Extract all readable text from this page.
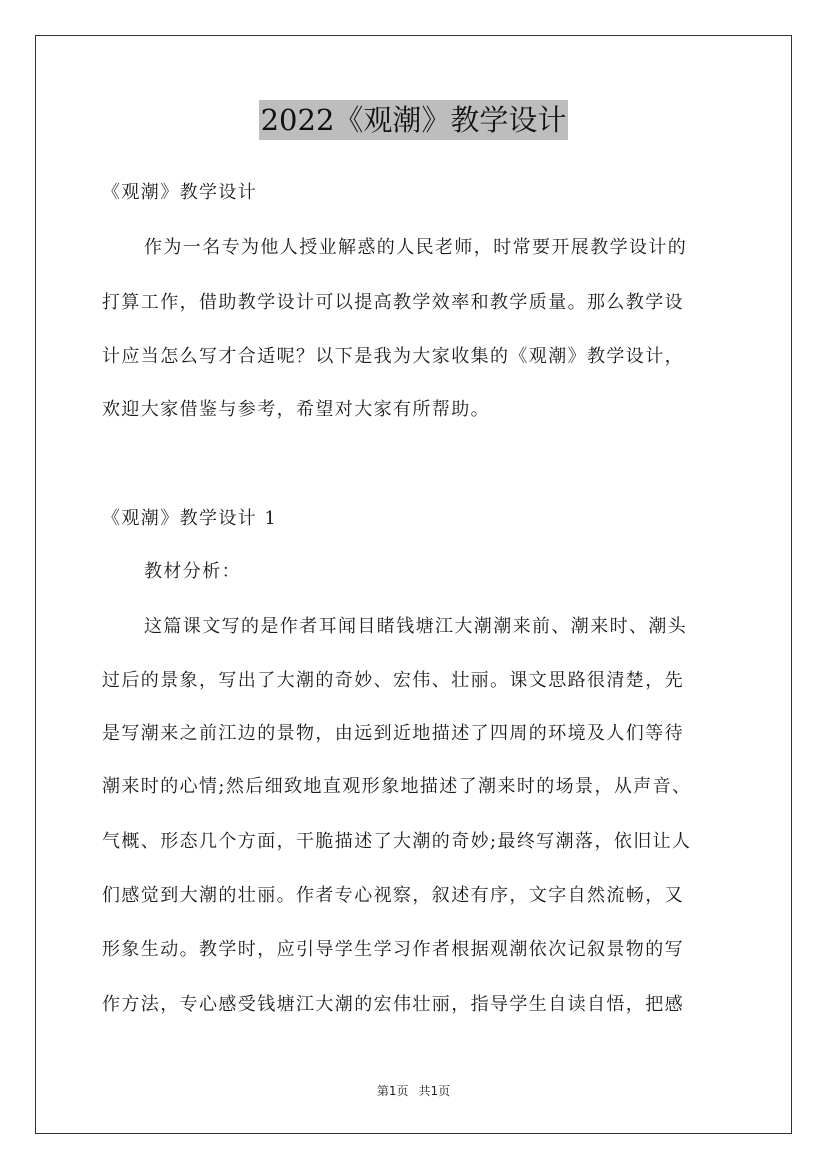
2022《观潮》教学设计
《观潮》教学设计
作为一名专为他人授业解惑的人民老师，时常要开展教学设计的
打算工作，借助教学设计可以提高教学效率和教学质量。那么教学设
计应当怎么写才合适呢？以下是我为大家收集的《观潮》教学设计，
欢迎大家借鉴与参考，希望对大家有所帮助。
《观潮》教学设计 1
教材分析：
这篇课文写的是作者耳闻目睹钱塘江大潮潮来前、潮来时、潮头
过后的景象，写出了大潮的奇妙、宏伟、壮丽。课文思路很清楚，先
是写潮来之前江边的景物，由远到近地描述了四周的环境及人们等待
潮来时的心情;然后细致地直观形象地描述了潮来时的场景，从声音、
气概、形态几个方面，干脆描述了大潮的奇妙;最终写潮落，依旧让人
们感觉到大潮的壮丽。作者专心视察，叙述有序，文字自然流畅，又
形象生动。教学时，应引导学生学习作者根据观潮依次记叙景物的写
作方法，专心感受钱塘江大潮的宏伟壮丽，指导学生自读自悟，把感
第1页 共1页
